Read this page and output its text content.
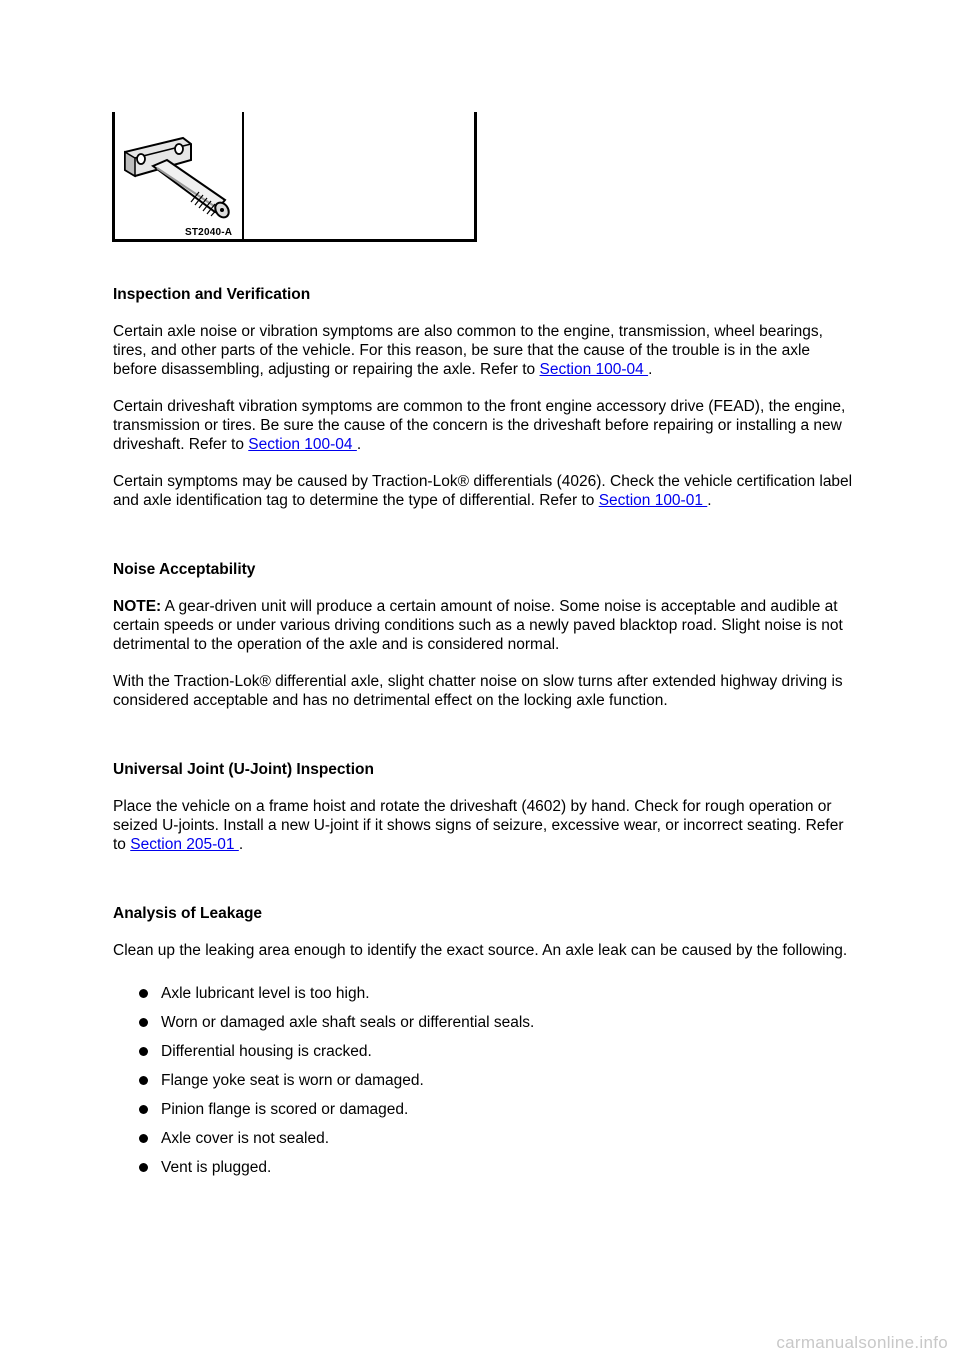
ST2040-A
Inspection and Verification

Certain axle noise or vibration symptoms are also common to the engine, transmission, wheel bearings, tires, and other parts of the vehicle. For this reason, be sure that the cause of the trouble is in the axle before disassembling, adjusting or repairing the axle. Refer to Section 100-04 .

Certain driveshaft vibration symptoms are common to the front engine accessory drive (FEAD), the engine, transmission or tires. Be sure the cause of the concern is the driveshaft before repairing or installing a new driveshaft. Refer to Section 100-04 .

Certain symptoms may be caused by Traction-Lok® differentials (4026). Check the vehicle certification label and axle identification tag to determine the type of differential. Refer to Section 100-01 .

Noise Acceptability

NOTE: A gear-driven unit will produce a certain amount of noise. Some noise is acceptable and audible at certain speeds or under various driving conditions such as a newly paved blacktop road. Slight noise is not detrimental to the operation of the axle and is considered normal.

With the Traction-Lok® differential axle, slight chatter noise on slow turns after extended highway driving is considered acceptable and has no detrimental effect on the locking axle function.

Universal Joint (U-Joint) Inspection

Place the vehicle on a frame hoist and rotate the driveshaft (4602) by hand. Check for rough operation or seized U-joints. Install a new U-joint if it shows signs of seizure, excessive wear, or incorrect seating. Refer to Section 205-01 .

Analysis of Leakage

Clean up the leaking area enough to identify the exact source. An axle leak can be caused by the following.

Axle lubricant level is too high.
Worn or damaged axle shaft seals or differential seals.
Differential housing is cracked.
Flange yoke seat is worn or damaged.
Pinion flange is scored or damaged.
Axle cover is not sealed.
Vent is plugged.
carmanualsonline.info
